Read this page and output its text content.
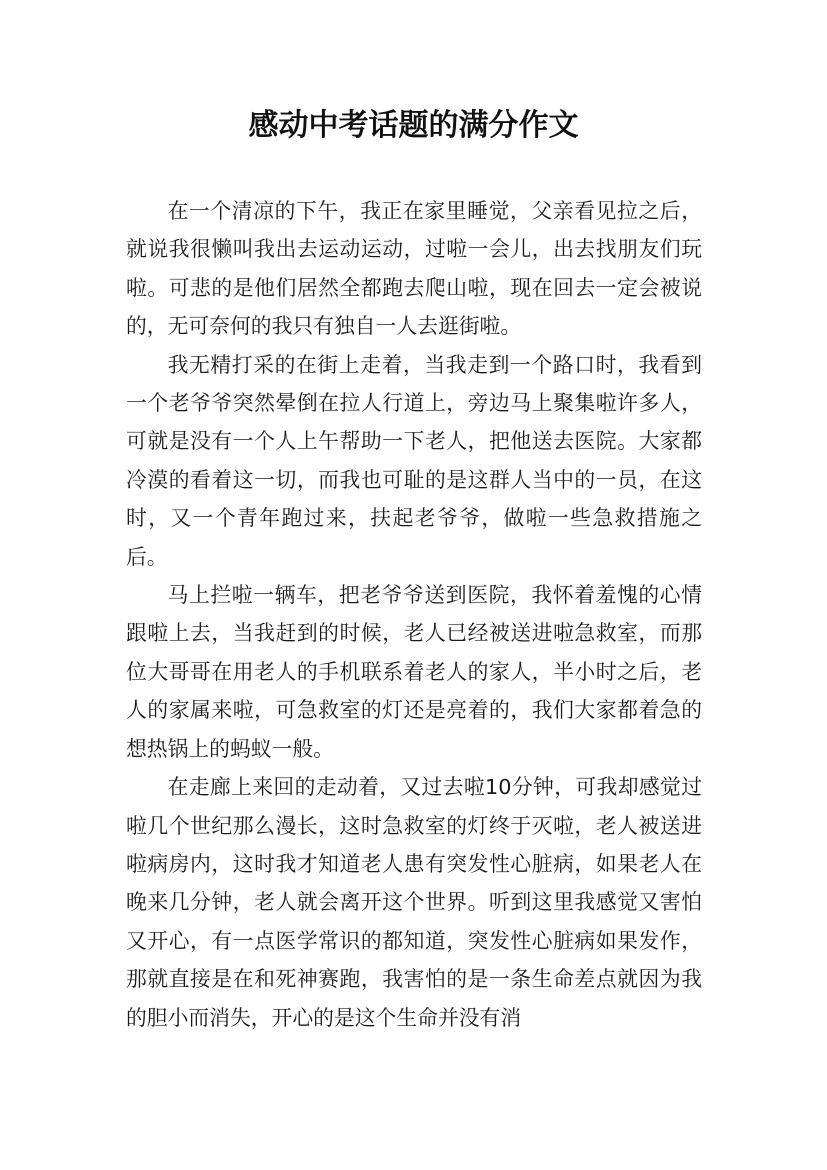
感动中考话题的满分作文

在一个清凉的下午，我正在家里睡觉，父亲看见拉之后，就说我很懒叫我出去运动运动，过啦一会儿，出去找朋友们玩啦。可悲的是他们居然全都跑去爬山啦，现在回去一定会被说的，无可奈何的我只有独自一人去逛街啦。

我无精打采的在街上走着，当我走到一个路口时，我看到一个老爷爷突然晕倒在拉人行道上，旁边马上聚集啦许多人，可就是没有一个人上午帮助一下老人，把他送去医院。大家都冷漠的看着这一切，而我也可耻的是这群人当中的一员，在这时，又一个青年跑过来，扶起老爷爷，做啦一些急救措施之后。

马上拦啦一辆车，把老爷爷送到医院，我怀着羞愧的心情跟啦上去，当我赶到的时候，老人已经被送进啦急救室，而那位大哥哥在用老人的手机联系着老人的家人，半小时之后，老人的家属来啦，可急救室的灯还是亮着的，我们大家都着急的想热锅上的蚂蚁一般。

在走廊上来回的走动着，又过去啦10分钟，可我却感觉过啦几个世纪那么漫长，这时急救室的灯终于灭啦，老人被送进啦病房内，这时我才知道老人患有突发性心脏病，如果老人在晚来几分钟，老人就会离开这个世界。听到这里我感觉又害怕又开心，有一点医学常识的都知道，突发性心脏病如果发作，那就直接是在和死神赛跑，我害怕的是一条生命差点就因为我的胆小而消失，开心的是这个生命并没有消
